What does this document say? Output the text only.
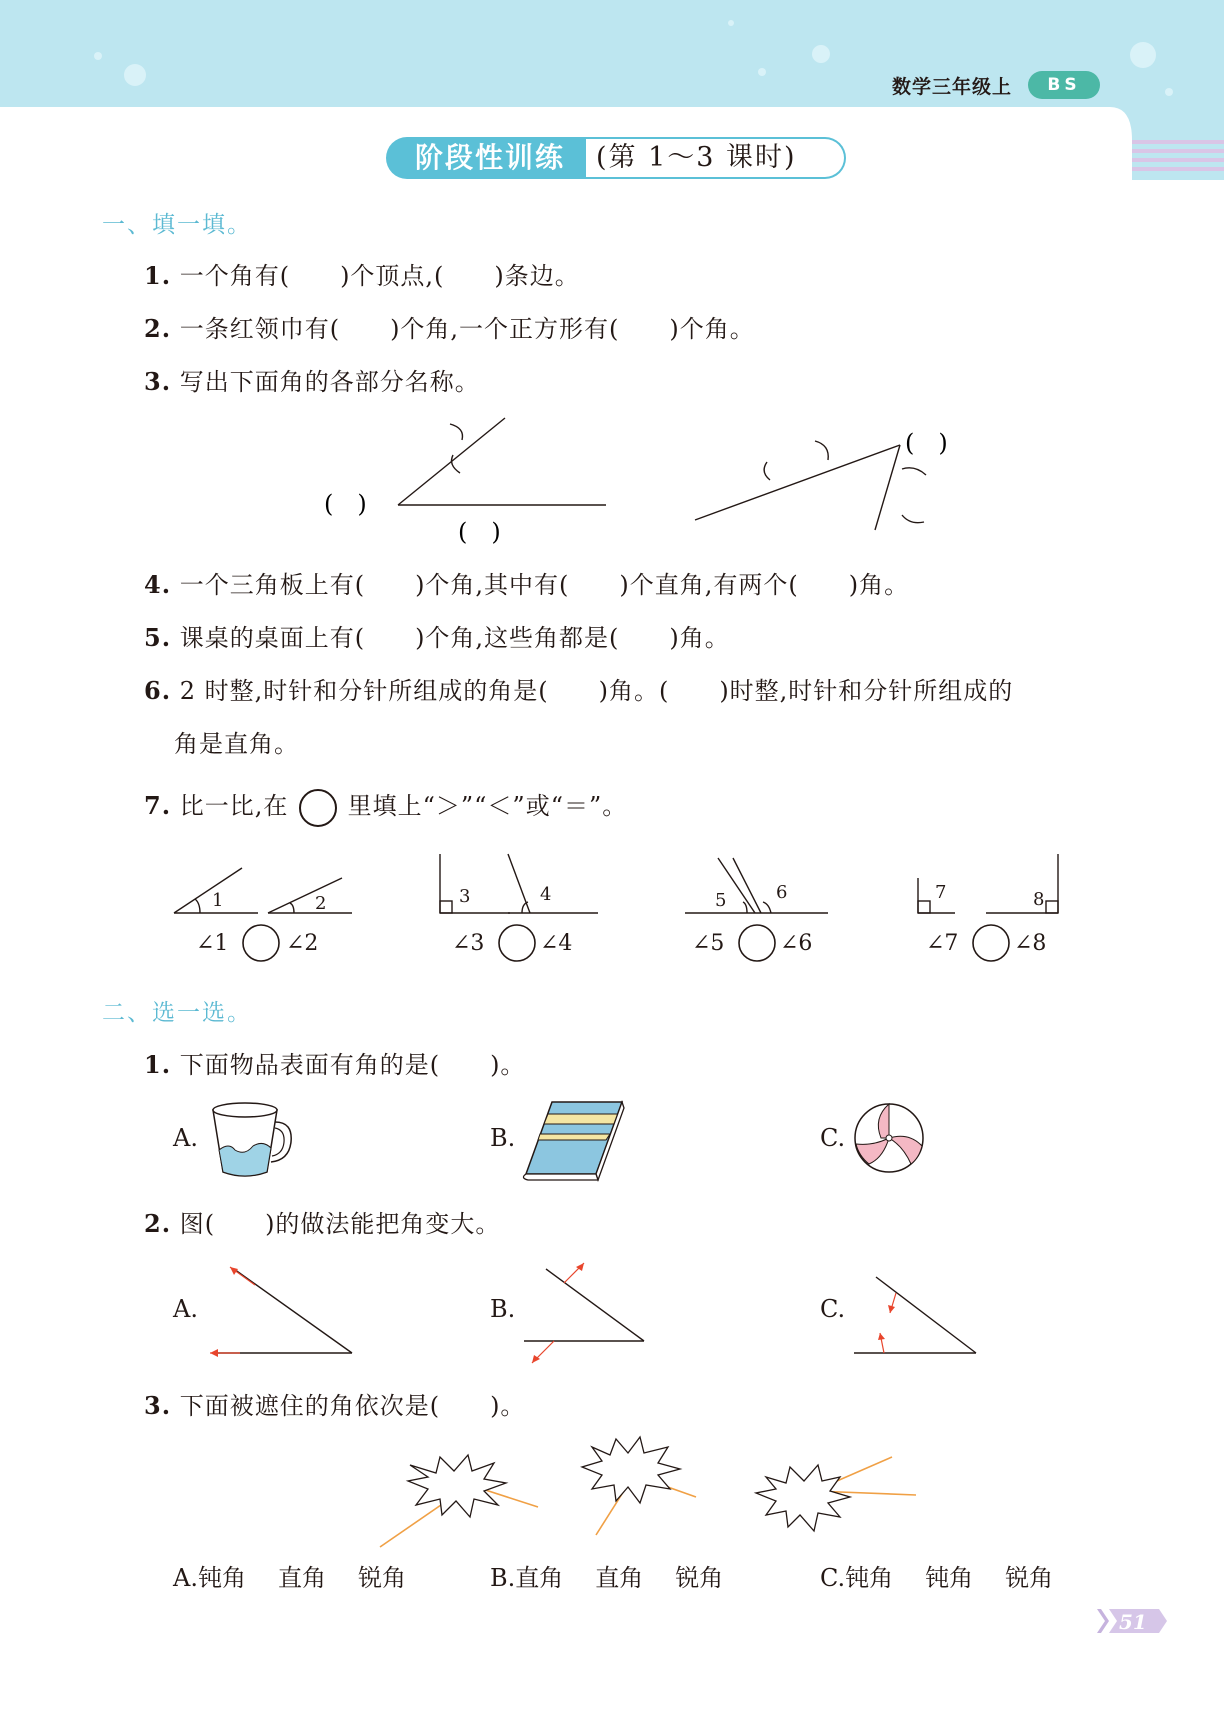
数学三年级上	BS
阶段性训练	(第 1～3 课时)
一、填一填。
1. 一个角有(　　)个顶点,(　　)条边。
2. 一条红领巾有(　　)个角,一个正方形有(　　)个角。
3. 写出下面角的各部分名称。
(　)
(　)
(　)
4. 一个三角板上有(　　)个角,其中有(　　)个直角,有两个(　　)角。
5. 课桌的桌面上有(　　)个角,这些角都是(　　)角。
6. 2 时整,时针和分针所组成的角是(　　)角。(　　)时整,时针和分针所组成的
角是直角。
7. 比一比,在 里填上“＞”“＜”或“＝”。
1	2	3	4	5	6	7	8
∠1	∠2	∠3	∠4	∠5	∠6	∠7	∠8
二、选一选。
1. 下面物品表面有角的是(　　)。
A.	B.	C.
2. 图(　　)的做法能把角变大。
A.	B.	C.
3. 下面被遮住的角依次是(　　)。
A.钝角 直角 锐角	B.直角 直角 锐角	C.钝角 钝角 锐角
51
